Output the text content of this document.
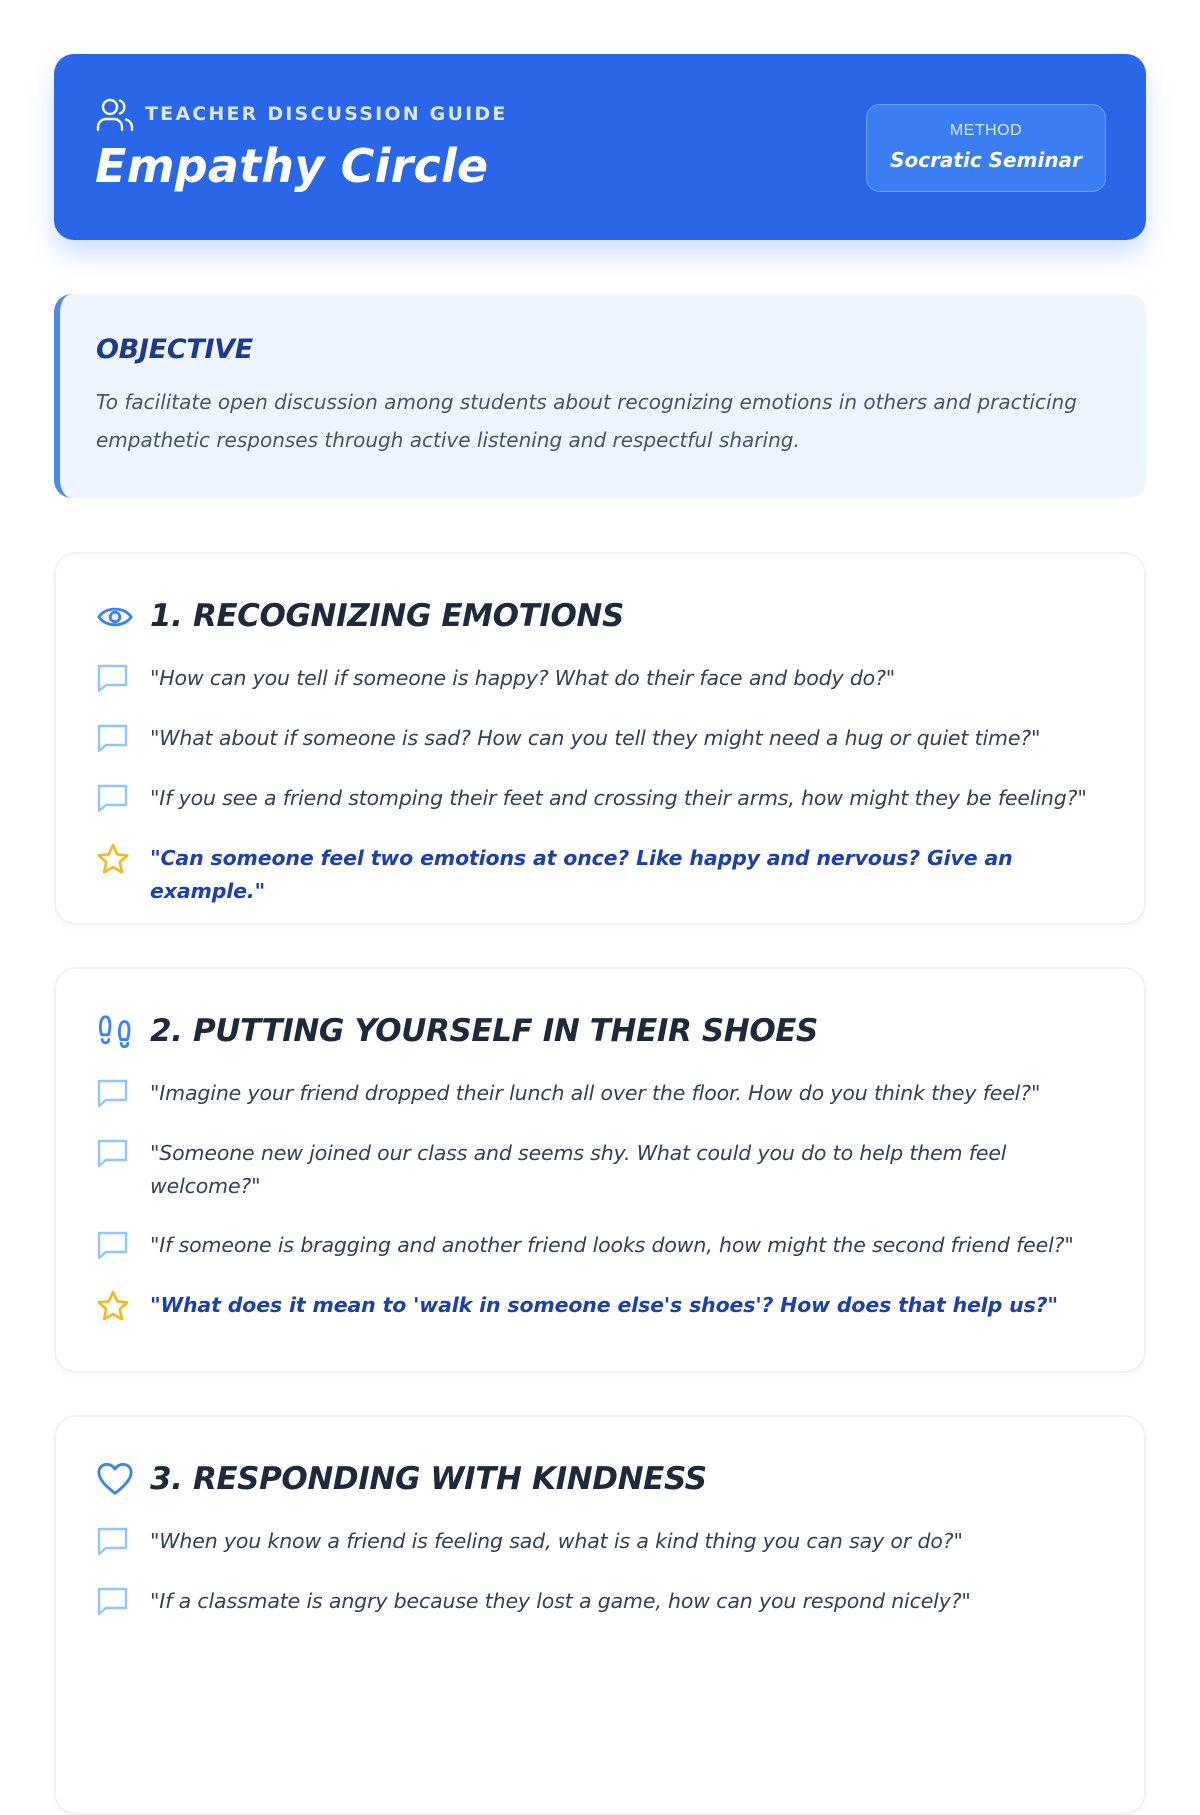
TEACHER DISCUSSION GUIDE
Empathy Circle
METHOD
Socratic Seminar
OBJECTIVE
To facilitate open discussion among students about recognizing emotions in others and practicing empathetic responses through active listening and respectful sharing.
1. RECOGNIZING EMOTIONS
"How can you tell if someone is happy? What do their face and body do?"
"What about if someone is sad? How can you tell they might need a hug or quiet time?"
"If you see a friend stomping their feet and crossing their arms, how might they be feeling?"
"Can someone feel two emotions at once? Like happy and nervous? Give an example."
2. PUTTING YOURSELF IN THEIR SHOES
"Imagine your friend dropped their lunch all over the floor. How do you think they feel?"
"Someone new joined our class and seems shy. What could you do to help them feel welcome?"
"If someone is bragging and another friend looks down, how might the second friend feel?"
"What does it mean to 'walk in someone else's shoes'? How does that help us?"
3. RESPONDING WITH KINDNESS
"When you know a friend is feeling sad, what is a kind thing you can say or do?"
"If a classmate is angry because they lost a game, how can you respond nicely?"
